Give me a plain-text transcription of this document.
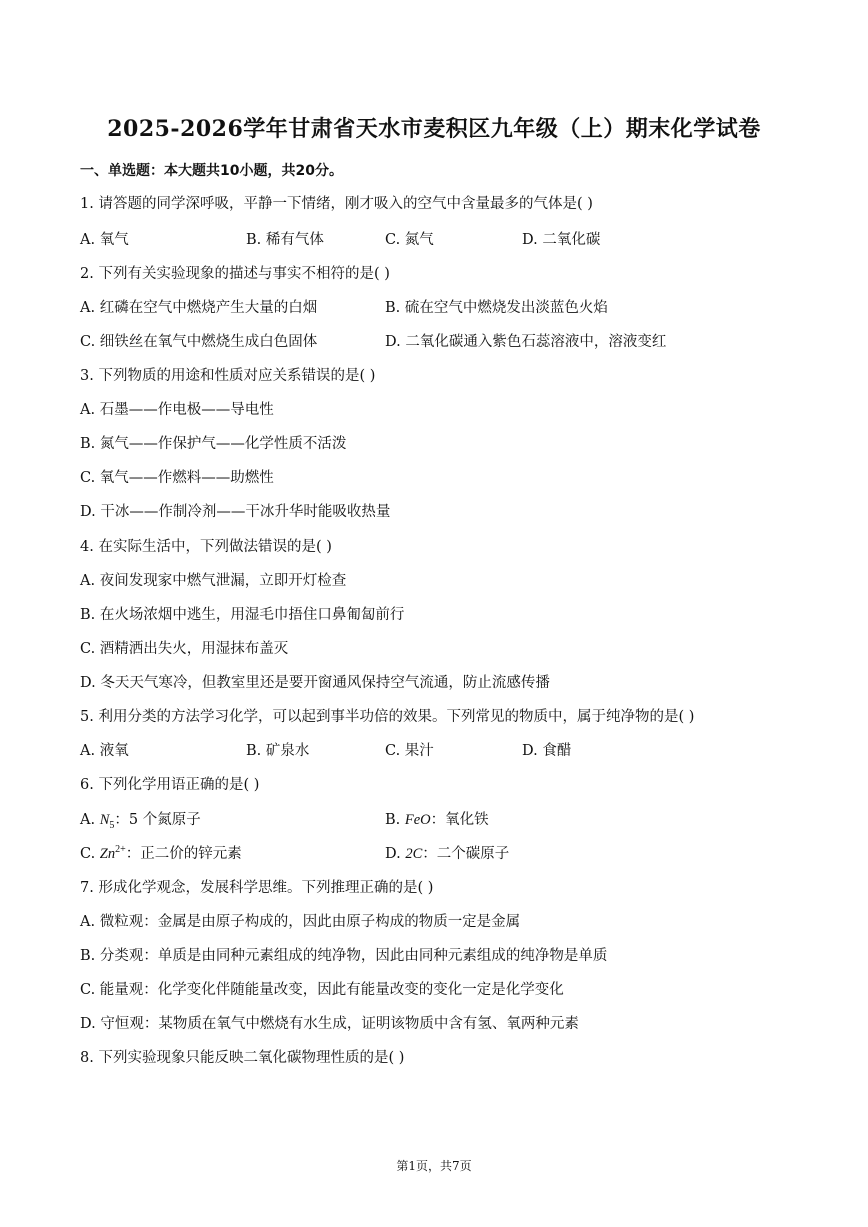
2025-2026学年甘肃省天水市麦积区九年级（上）期末化学试卷
一、单选题：本大题共10小题，共20分。
1. 请答题的同学深呼吸，平静一下情绪，刚才吸入的空气中含量最多的气体是( )
A. 氧气	B. 稀有气体	C. 氮气	D. 二氧化碳
2. 下列有关实验现象的描述与事实不相符的是( )
A. 红磷在空气中燃烧产生大量的白烟	B. 硫在空气中燃烧发出淡蓝色火焰
C. 细铁丝在氧气中燃烧生成白色固体	D. 二氧化碳通入紫色石蕊溶液中，溶液变红
3. 下列物质的用途和性质对应关系错误的是( )
A. 石墨——作电极——导电性
B. 氮气——作保护气——化学性质不活泼
C. 氧气——作燃料——助燃性
D. 干冰——作制冷剂——干冰升华时能吸收热量
4. 在实际生活中，下列做法错误的是( )
A. 夜间发现家中燃气泄漏，立即开灯检查
B. 在火场浓烟中逃生，用湿毛巾捂住口鼻匍匐前行
C. 酒精洒出失火，用湿抹布盖灭
D. 冬天天气寒冷，但教室里还是要开窗通风保持空气流通，防止流感传播
5. 利用分类的方法学习化学，可以起到事半功倍的效果。下列常见的物质中，属于纯净物的是( )
A. 液氧	B. 矿泉水	C. 果汁	D. 食醋
6. 下列化学用语正确的是( )
A. $N_5$：5 个氮原子	B. FeO：氧化铁
C. $Zn^{2+}$：正二价的锌元素	D. 2C：二个碳原子
7. 形成化学观念，发展科学思维。下列推理正确的是( )
A. 微粒观：金属是由原子构成的，因此由原子构成的物质一定是金属
B. 分类观：单质是由同种元素组成的纯净物，因此由同种元素组成的纯净物是单质
C. 能量观：化学变化伴随能量改变，因此有能量改变的变化一定是化学变化
D. 守恒观：某物质在氧气中燃烧有水生成，证明该物质中含有氢、氧两种元素
8. 下列实验现象只能反映二氧化碳物理性质的是( )
第1页，共7页
